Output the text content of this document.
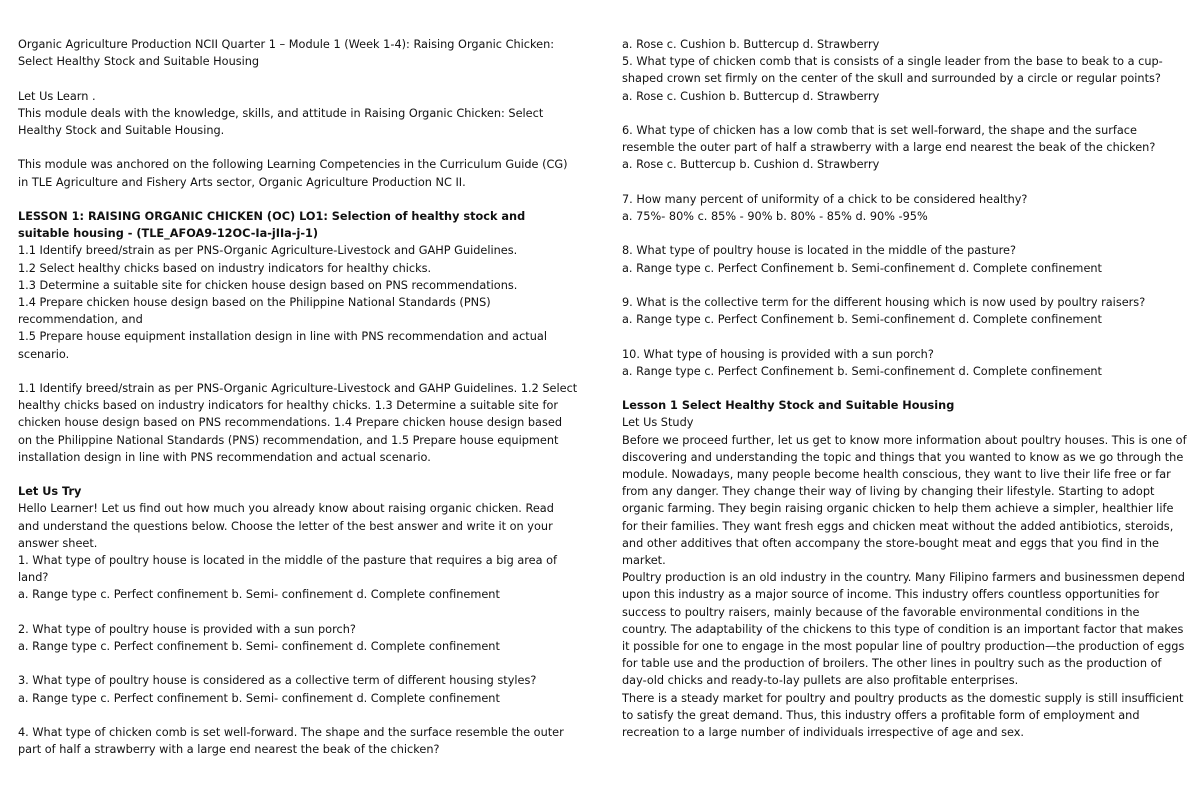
Organic Agriculture Production NCII Quarter 1 – Module 1 (Week 1-4): Raising Organic Chicken: Select Healthy Stock and Suitable Housing

Let Us Learn .

This module deals with the knowledge, skills, and attitude in Raising Organic Chicken: Select Healthy Stock and Suitable Housing.

This module was anchored on the following Learning Competencies in the Curriculum Guide (CG) in TLE Agriculture and Fishery Arts sector, Organic Agriculture Production NC II.

LESSON 1: RAISING ORGANIC CHICKEN (OC) LO1: Selection of healthy stock and suitable housing - (TLE_AFOA9-12OC-Ia-jIIa-j-1)

1.1 Identify breed/strain as per PNS-Organic Agriculture-Livestock and GAHP Guidelines.

1.2 Select healthy chicks based on industry indicators for healthy chicks.

1.3 Determine a suitable site for chicken house design based on PNS recommendations.

1.4 Prepare chicken house design based on the Philippine National Standards (PNS) recommendation, and

1.5 Prepare house equipment installation design in line with PNS recommendation and actual scenario.

1.1 Identify breed/strain as per PNS-Organic Agriculture-Livestock and GAHP Guidelines. 1.2 Select healthy chicks based on industry indicators for healthy chicks. 1.3 Determine a suitable site for chicken house design based on PNS recommendations. 1.4 Prepare chicken house design based on the Philippine National Standards (PNS) recommendation, and 1.5 Prepare house equipment installation design in line with PNS recommendation and actual scenario.

Let Us Try

Hello Learner! Let us find out how much you already know about raising organic chicken. Read and understand the questions below. Choose the letter of the best answer and write it on your answer sheet.

1. What type of poultry house is located in the middle of the pasture that requires a big area of land?

a. Range type c. Perfect confinement b. Semi- confinement d. Complete confinement

2. What type of poultry house is provided with a sun porch?

a. Range type c. Perfect confinement b. Semi- confinement d. Complete confinement

3. What type of poultry house is considered as a collective term of different housing styles?

a. Range type c. Perfect confinement b. Semi- confinement d. Complete confinement

4. What type of chicken comb is set well-forward. The shape and the surface resemble the outer part of half a strawberry with a large end nearest the beak of the chicken?

a. Rose c. Cushion b. Buttercup d. Strawberry

5. What type of chicken comb that is consists of a single leader from the base to beak to a cup-shaped crown set firmly on the center of the skull and surrounded by a circle or regular points?

a. Rose c. Cushion b. Buttercup d. Strawberry

6. What type of chicken has a low comb that is set well-forward, the shape and the surface resemble the outer part of half a strawberry with a large end nearest the beak of the chicken?

a. Rose c. Buttercup b. Cushion d. Strawberry

7. How many percent of uniformity of a chick to be considered healthy?

a. 75%- 80% c. 85% - 90% b. 80% - 85% d. 90% -95%

8. What type of poultry house is located in the middle of the pasture?

a. Range type c. Perfect Confinement b. Semi-confinement d. Complete confinement

9. What is the collective term for the different housing which is now used by poultry raisers?

a. Range type c. Perfect Confinement b. Semi-confinement d. Complete confinement

10. What type of housing is provided with a sun porch?

a. Range type c. Perfect Confinement b. Semi-confinement d. Complete confinement

Lesson 1 Select Healthy Stock and Suitable Housing

Let Us Study

Before we proceed further, let us get to know more information about poultry houses. This is one of discovering and understanding the topic and things that you wanted to know as we go through the module. Nowadays, many people become health conscious, they want to live their life free or far from any danger. They change their way of living by changing their lifestyle. Starting to adopt organic farming. They begin raising organic chicken to help them achieve a simpler, healthier life for their families. They want fresh eggs and chicken meat without the added antibiotics, steroids, and other additives that often accompany the store-bought meat and eggs that you find in the market.

Poultry production is an old industry in the country. Many Filipino farmers and businessmen depend upon this industry as a major source of income. This industry offers countless opportunities for success to poultry raisers, mainly because of the favorable environmental conditions in the country. The adaptability of the chickens to this type of condition is an important factor that makes it possible for one to engage in the most popular line of poultry production—the production of eggs for table use and the production of broilers. The other lines in poultry such as the production of day-old chicks and ready-to-lay pullets are also profitable enterprises.

There is a steady market for poultry and poultry products as the domestic supply is still insufficient to satisfy the great demand. Thus, this industry offers a profitable form of employment and recreation to a large number of individuals irrespective of age and sex.
